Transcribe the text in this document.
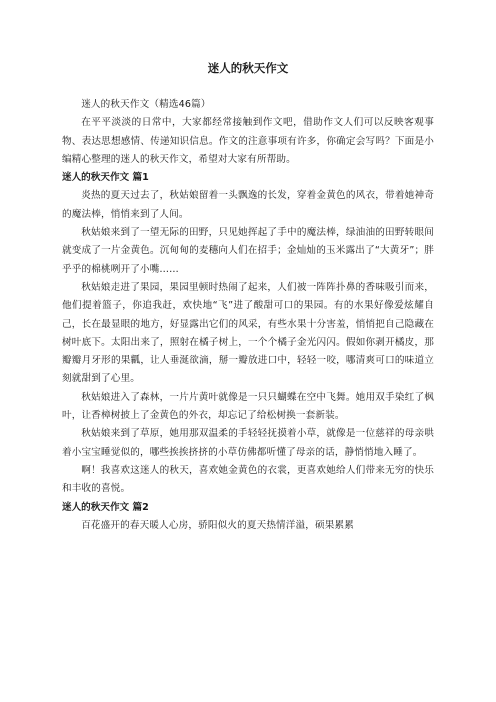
迷人的秋天作文

迷人的秋天作文（精选46篇）

在平平淡淡的日常中，大家都经常接触到作文吧，借助作文人们可以反映客观事物、表达思想感情、传递知识信息。作文的注意事项有许多，你确定会写吗？下面是小编精心整理的迷人的秋天作文，希望对大家有所帮助。

迷人的秋天作文 篇1

炎热的夏天过去了，秋姑娘留着一头飘逸的长发，穿着金黄色的风衣，带着她神奇的魔法棒，悄悄来到了人间。

秋姑娘来到了一望无际的田野，只见她挥起了手中的魔法棒，绿油油的田野转眼间就变成了一片金黄色。沉甸甸的麦穗向人们在招手；金灿灿的玉米露出了“大黄牙”；胖乎乎的棉桃咧开了小嘴……

秋姑娘走进了果园，果园里顿时热闹了起来，人们被一阵阵扑鼻的香味吸引而来，他们提着篮子，你追我赶，欢快地“飞”进了酸甜可口的果园。有的水果好像爱炫耀自己，长在最显眼的地方，好显露出它们的风采，有些水果十分害羞，悄悄把自己隐藏在树叶底下。太阳出来了，照射在橘子树上，一个个橘子金光闪闪。假如你剥开橘皮，那瓣瓣月牙形的果瓤，让人垂涎欲滴，掰一瓣放进口中，轻轻一咬，哪清爽可口的味道立刻就甜到了心里。

秋姑娘进入了森林，一片片黄叶就像是一只只蝴蝶在空中飞舞。她用双手染红了枫叶，让香樟树披上了金黄色的外衣，却忘记了给松树换一套新装。

秋姑娘来到了草原，她用那双温柔的手轻轻抚摸着小草，就像是一位慈祥的母亲哄着小宝宝睡觉似的，哪些挨挨挤挤的小草仿佛都听懂了母亲的话，静悄悄地入睡了。

啊！我喜欢这迷人的秋天，喜欢她金黄色的衣裳，更喜欢她给人们带来无穷的快乐和丰收的喜悦。

迷人的秋天作文 篇2

百花盛开的春天暖人心房，骄阳似火的夏天热情洋溢，硕果累累
